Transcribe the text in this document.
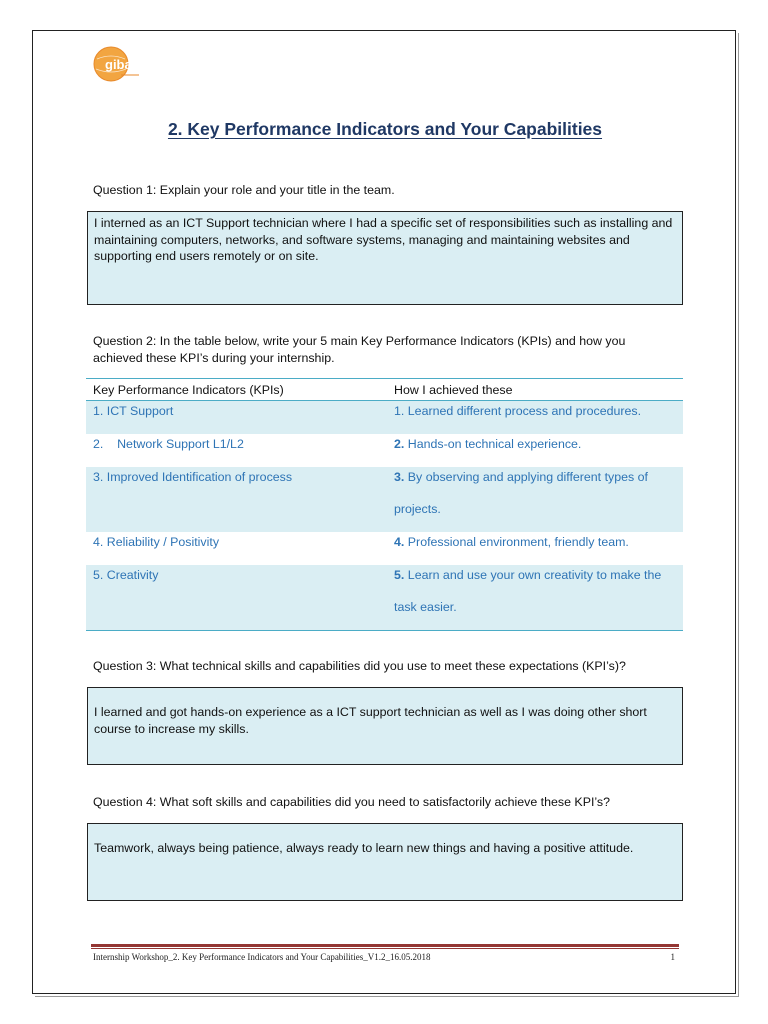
giba
2. Key Performance Indicators and Your Capabilities
Question 1: Explain your role and your title in the team.
I interned as an ICT Support technician where I had a specific set of responsibilities such as installing and maintaining computers, networks, and software systems, managing and maintaining websites and supporting end users remotely or on site.
Question 2: In the table below, write your 5 main Key Performance Indicators (KPIs) and how you achieved these KPI’s during your internship.
Key Performance Indicators (KPIs)	How I achieved these
1. ICT Support	1. Learned different process and procedures.
2.    Network Support L1/L2	2. Hands-on technical experience.
3. Improved Identification of process	3. By observing and applying different types of projects.
4. Reliability / Positivity	4. Professional environment, friendly team.
5. Creativity	5. Learn and use your own creativity to make the task easier.
Question 3: What technical skills and capabilities did you use to meet these expectations (KPI’s)?
I learned and got hands-on experience as a ICT support technician as well as I was doing other short course to increase my skills.
Question 4: What soft skills and capabilities did you need to satisfactorily achieve these KPI’s?
Teamwork, always being patience, always ready to learn new things and having a positive attitude.
Internship Workshop_2. Key Performance Indicators and Your Capabilities_V1.2_16.05.2018	1
